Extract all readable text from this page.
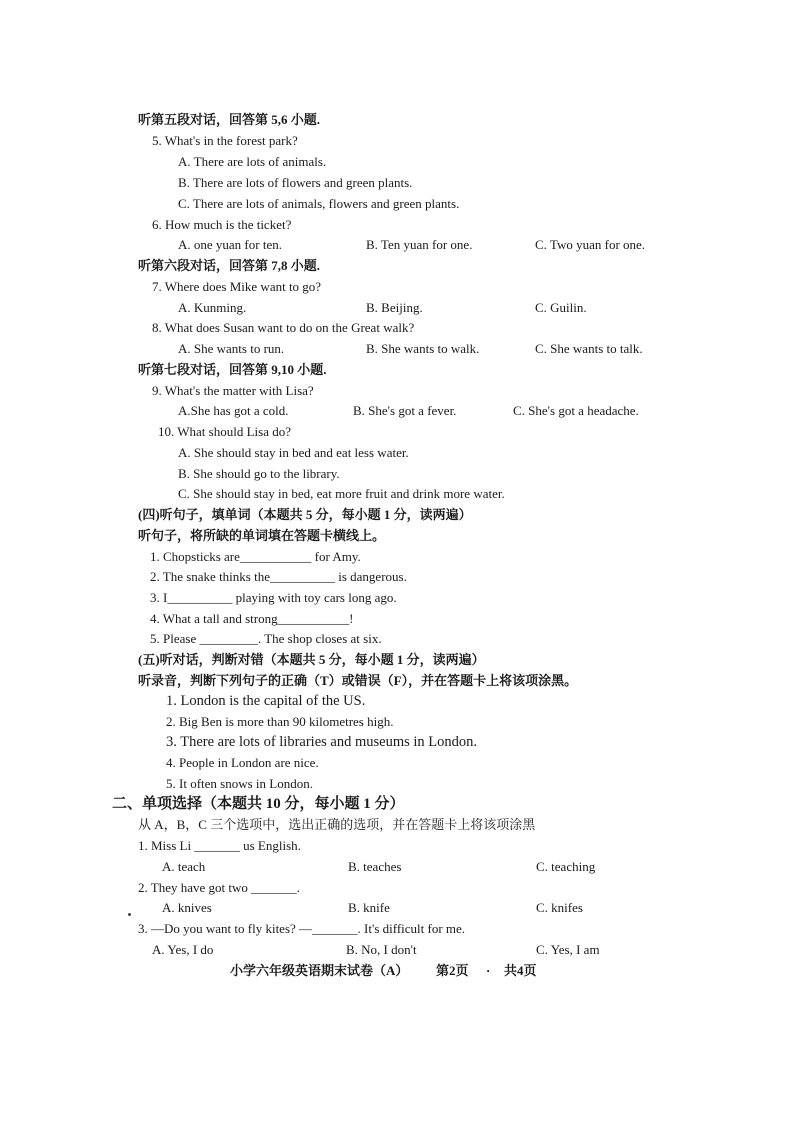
听第五段对话，回答第 5,6 小题.
5. What's in the forest park?
A. There are lots of animals.
B. There are lots of flowers and green plants.
C. There are lots of animals, flowers and green plants.
6. How much is the ticket?
A. one yuan for ten.	B. Ten yuan for one.	C. Two yuan for one.
听第六段对话，回答第 7,8 小题.
7. Where does Mike want to go?
A. Kunming.	B. Beijing.	C. Guilin.
8. What does Susan want to do on the Great walk?
A. She wants to run.	B. She wants to walk.	C. She wants to talk.
听第七段对话，回答第 9,10 小题.
9. What's the matter with Lisa?
A.She has got a cold.	B. She's got a fever.	C. She's got a headache.
10. What should Lisa do?
A. She should stay in bed and eat less water.
B. She should go to the library.
C. She should stay in bed, eat more fruit and drink more water.
(四)听句子，填单词（本题共 5 分，每小题 1 分，读两遍）
听句子，将所缺的单词填在答题卡横线上。
1. Chopsticks are___________ for Amy.
2. The snake thinks the__________ is dangerous.
3. I__________ playing with toy cars long ago.
4. What a tall and strong___________!
5. Please _________. The shop closes at six.
(五)听对话，判断对错（本题共 5 分，每小题 1 分，读两遍）
听录音，判断下列句子的正确（T）或错误（F），并在答题卡上将该项涂黑。
1. London is the capital of the US.
2. Big Ben is more than 90 kilometres high.
3. There are lots of libraries and museums in London.
4. People in London are nice.
5. It often snows in London.
二、单项选择（本题共 10 分，每小题 1 分）
从 A，B，C 三个选项中，选出正确的选项，并在答题卡上将该项涂黑
1. Miss Li _______ us English.
A. teach	B. teaches	C. teaching
2. They have got two _______.
A. knives	B. knife	C. knifes
3. —Do you want to fly kites? —_______. It's difficult for me.
A. Yes, I do	B. No, I don't	C. Yes, I am
小学六年级英语期末试卷（A） 第2页 · 共4页
